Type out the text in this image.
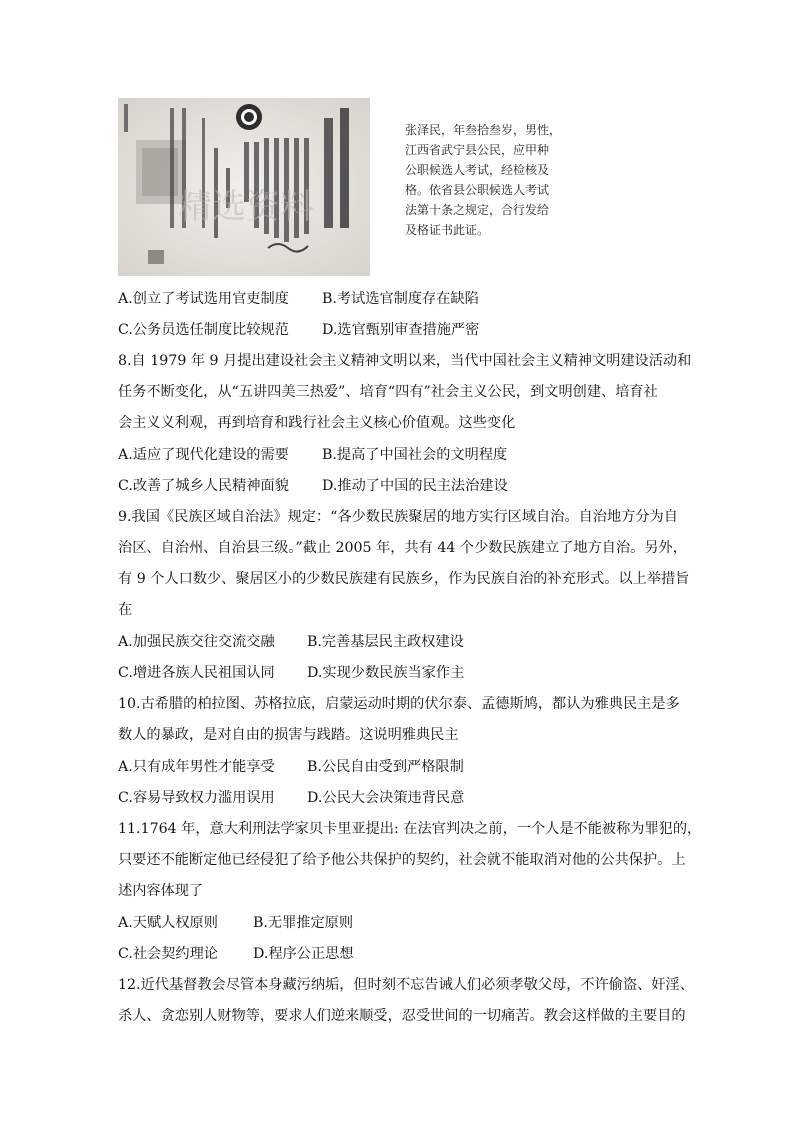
精选资料
张泽民，年叁拾叁岁，男性，
江西省武宁县公民，应甲种
公职候选人考试，经检核及
格。依省县公职候选人考试
法第十条之规定，合行发给
及格证书此证。
A.创立了考试选用官吏制度 B.考试选官制度存在缺陷
C.公务员选任制度比较规范 D.选官甄别审查措施严密
8.自 1979 年 9 月提出建设社会主义精神文明以来，当代中国社会主义精神文明建设活动和
任务不断变化，从“五讲四美三热爱”、培育“四有”社会主义公民，到文明创建、培育社
会主义义利观，再到培育和践行社会主义核心价值观。这些变化
A.适应了现代化建设的需要 B.提高了中国社会的文明程度
C.改善了城乡人民精神面貌 D.推动了中国的民主法治建设
9.我国《民族区域自治法》规定：“各少数民族聚居的地方实行区域自治。自治地方分为自
治区、自治州、自治县三级。”截止 2005 年，共有 44 个少数民族建立了地方自治。另外，
有 9 个人口数少、聚居区小的少数民族建有民族乡，作为民族自治的补充形式。以上举措旨
在
A.加强民族交往交流交融 B.完善基层民主政权建设
C.增进各族人民祖国认同 D.实现少数民族当家作主
10.古希腊的柏拉图、苏格拉底，启蒙运动时期的伏尔泰、孟德斯鸠，都认为雅典民主是多
数人的暴政，是对自由的损害与践踏。这说明雅典民主
A.只有成年男性才能享受 B.公民自由受到严格限制
C.容易导致权力滥用误用 D.公民大会决策违背民意
11.1764 年，意大利刑法学家贝卡里亚提出: 在法官判决之前，一个人是不能被称为罪犯的，
只要还不能断定他已经侵犯了给予他公共保护的契约，社会就不能取消对他的公共保护。上
述内容体现了
A.天赋人权原则 B.无罪推定原则
C.社会契约理论 D.程序公正思想
12.近代基督教会尽管本身藏污纳垢，但时刻不忘告诫人们必须孝敬父母，不许偷盗、奸淫、
杀人、贪恋别人财物等，要求人们逆来顺受，忍受世间的一切痛苦。教会这样做的主要目的
